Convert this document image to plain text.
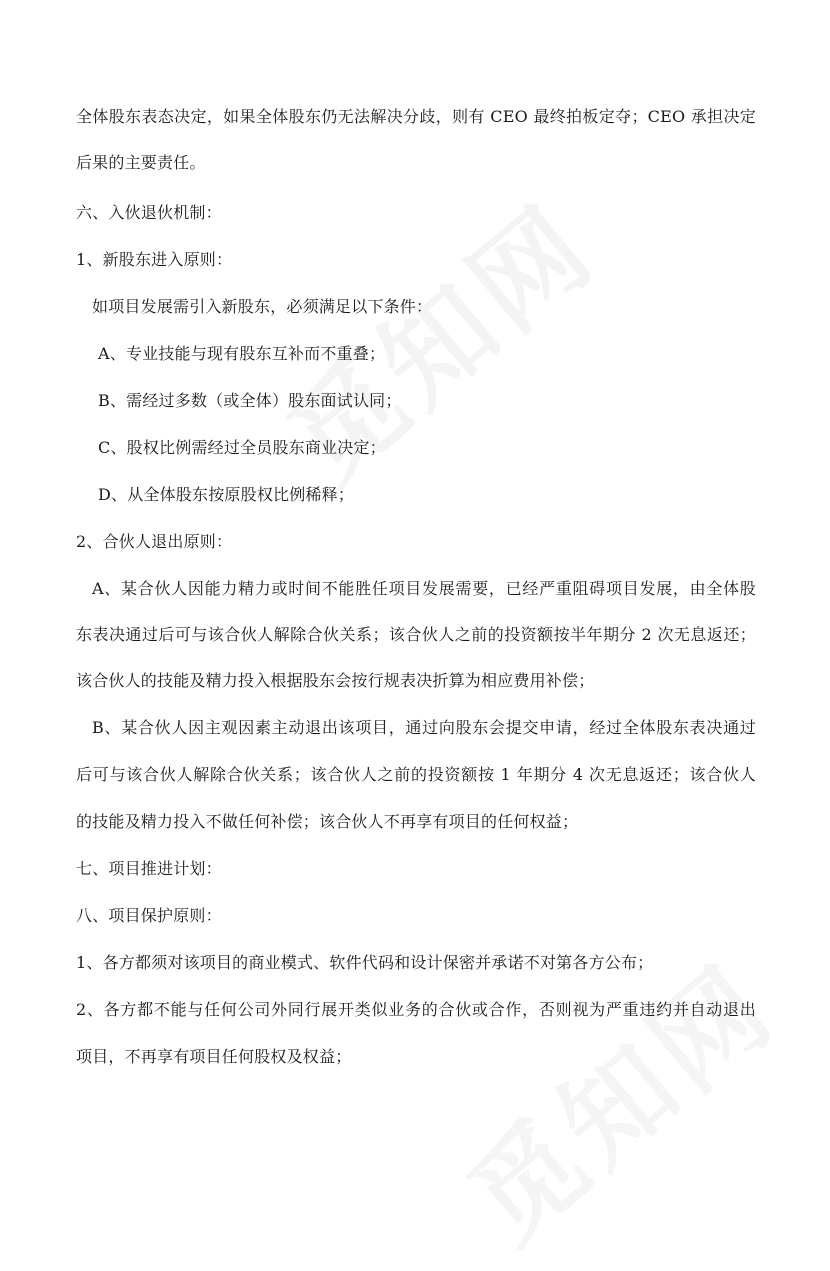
全体股东表态决定，如果全体股东仍无法解决分歧，则有 CEO 最终拍板定夺；CEO 承担决定
后果的主要责任。
六、入伙退伙机制：
1、新股东进入原则：
如项目发展需引入新股东，必须满足以下条件：
A、专业技能与现有股东互补而不重叠；
B、需经过多数（或全体）股东面试认同；
C、股权比例需经过全员股东商业决定；
D、从全体股东按原股权比例稀释；
2、合伙人退出原则：
A、某合伙人因能力精力或时间不能胜任项目发展需要，已经严重阻碍项目发展，由全体股
东表决通过后可与该合伙人解除合伙关系；该合伙人之前的投资额按半年期分 2 次无息返还；
该合伙人的技能及精力投入根据股东会按行规表决折算为相应费用补偿；
B、某合伙人因主观因素主动退出该项目，通过向股东会提交申请，经过全体股东表决通过
后可与该合伙人解除合伙关系；该合伙人之前的投资额按 1 年期分 4 次无息返还；该合伙人
的技能及精力投入不做任何补偿；该合伙人不再享有项目的任何权益；
七、项目推进计划：
八、项目保护原则：
1、各方都须对该项目的商业模式、软件代码和设计保密并承诺不对第各方公布；
2、各方都不能与任何公司外同行展开类似业务的合伙或合作，否则视为严重违约并自动退出
项目，不再享有项目任何股权及权益；
